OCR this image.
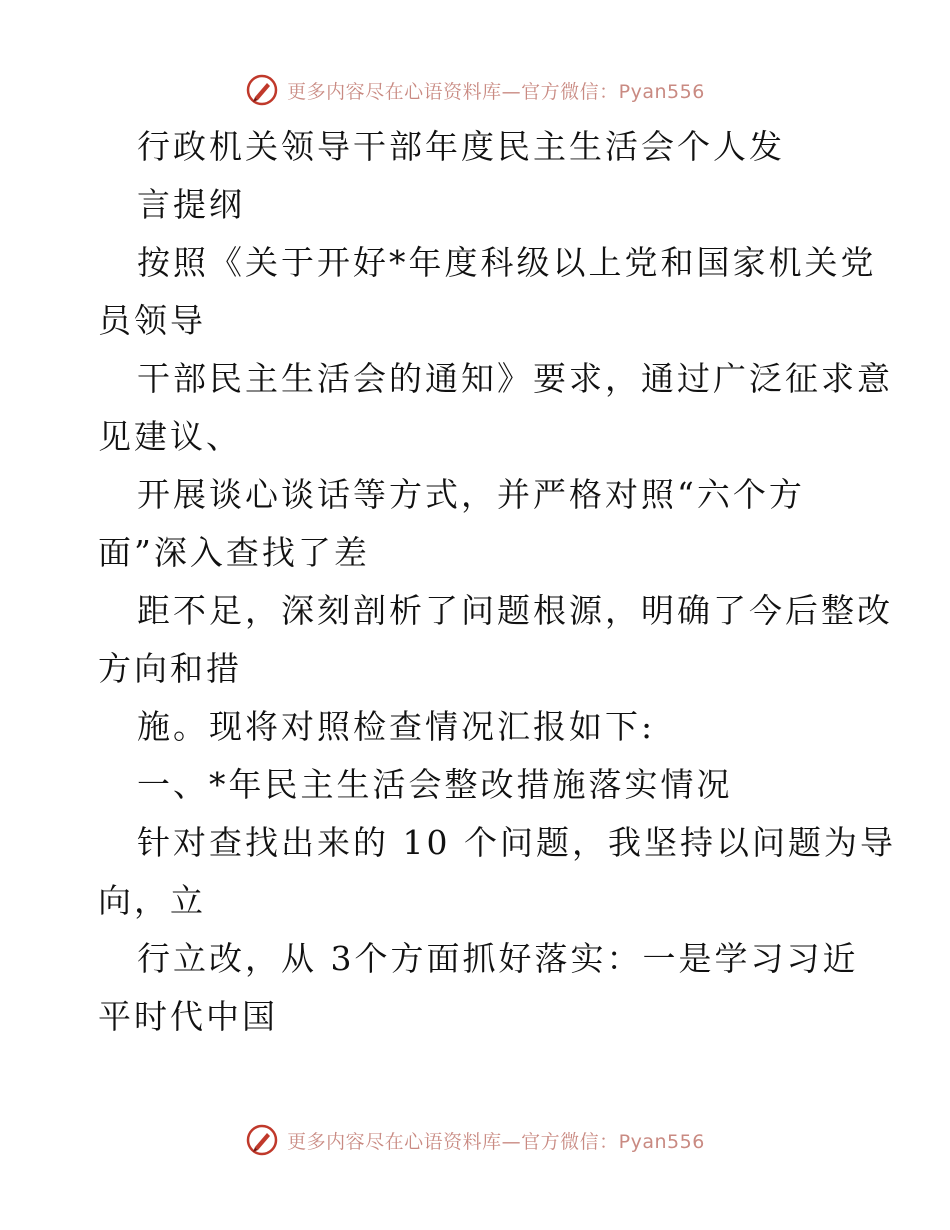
更多内容尽在心语资料库—官方微信：Pyan556
行政机关领导干部年度民主生活会个人发
言提纲
按照《关于开好*年度科级以上党和国家机关党
员领导
干部民主生活会的通知》要求，通过广泛征求意
见建议、
开展谈心谈话等方式，并严格对照“六个方
面”深入查找了差
距不足，深刻剖析了问题根源，明确了今后整改
方向和措
施。现将对照检查情况汇报如下:
一、*年民主生活会整改措施落实情况
针对查找出来的 10 个问题，我坚持以问题为导
向，立
行立改，从 3个方面抓好落实：一是学习习近
平时代中国
更多内容尽在心语资料库—官方微信：Pyan556
